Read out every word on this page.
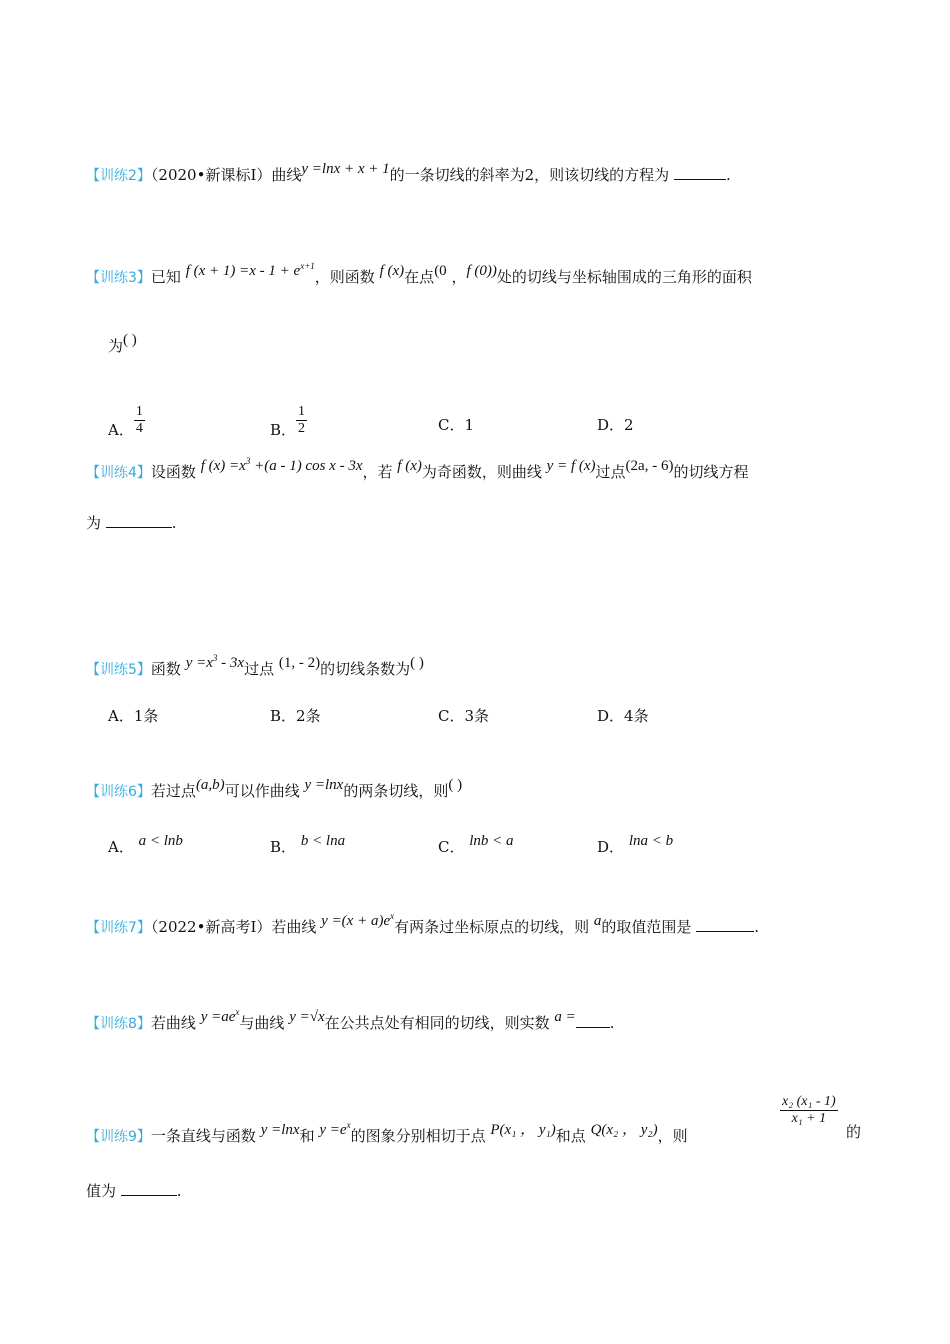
【训练2】（2020•新课标Ⅰ）曲线y =lnx + x + 1的一条切线的斜率为2，则该切线的方程为	.
【训练3】已知 f $(x + 1) =x - 1 + e^{x+1}$，则函数 f (x)在点(0 ，f (0))处的切线与坐标轴围成的三角形的面积
为( )
A． $\frac{1}{4}$	B． $\frac{1}{2}$	C．1	D．2
【训练4】设函数 f $(x) =x^3 +(a - 1)$ cos x - 3x，若 f (x)为奇函数，则曲线 y = f (x)过点(2a, - 6)的切线方程
为	.
【训练5】函数 $y =x^3 - 3x$过点 (1, - 2)的切线条数为( )
A．1条	B．2条	C．3条	D．4条
【训练6】若过点(a,b)可以作曲线 y =lnx的两条切线，则( )
A． a < lnb	B． b < lna	C． lnb < a	D． lna < b
【训练7】（2022•新高考Ⅰ）若曲线 $y =(x + a)e^x$有两条过坐标原点的切线，则 a的取值范围是	.
【训练8】若曲线 $y =ae^x$与曲线 y =√x在公共点处有相同的切线，则实数 a = .
【训练9】一条直线与函数 y =lnx和 $y =e^x$的图象分别相切于点 P(x₁ ， y₁)和点 Q(x₂ ， y₂)，则
$\frac{\text{x₂ (x₁ - 1)}}{\text{x₁ + 1}}$
的
值为	.
